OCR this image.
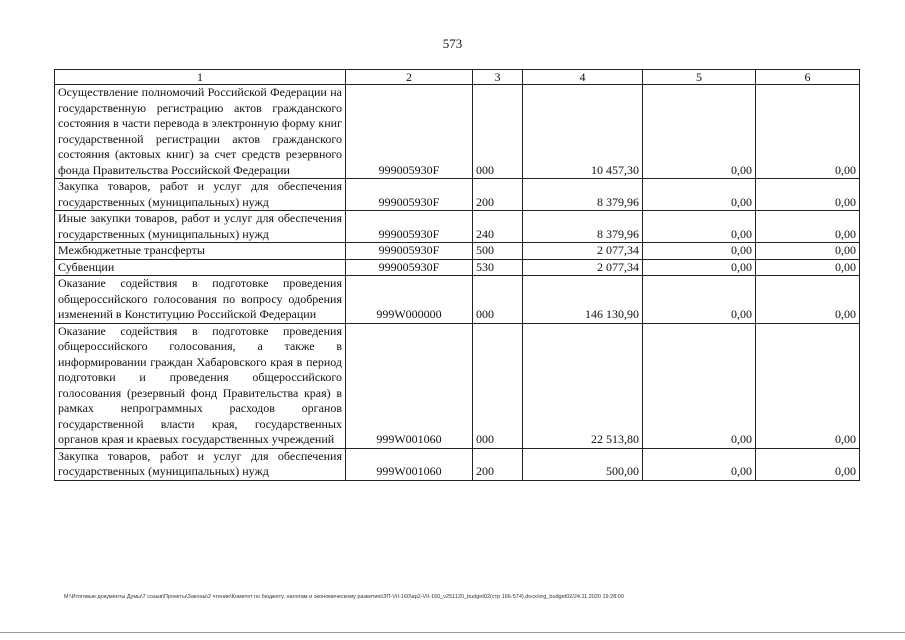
573
1	2	3	4	5	6
Осуществление полномочий Российской Федерации на государственную регистрацию актов гражданского состояния в части перевода в электронную форму книг государственной регистрации актов гражданского состояния (актовых книг) за счет средств резервного фонда Правительства Российской Федерации	999005930F	000	10 457,30	0,00	0,00
Закупка товаров, работ и услуг для обеспечения государственных (муниципальных) нужд	999005930F	200	8 379,96	0,00	0,00
Иные закупки товаров, работ и услуг для обеспечения государственных (муниципальных) нужд	999005930F	240	8 379,96	0,00	0,00
Межбюджетные трансферты	999005930F	500	2 077,34	0,00	0,00
Субвенции	999005930F	530	2 077,34	0,00	0,00
Оказание содействия в подготовке проведения общероссийского голосования по вопросу одобрения изменений в Конституцию Российской Федерации	999W000000	000	146 130,90	0,00	0,00
Оказание содействия в подготовке проведения общероссийского голосования, а также в информировании граждан Хабаровского края в период подготовки и проведения общероссийского голосования (резервный фонд Правительства края) в рамках непрограммных расходов органов государственной власти края, государственных органов края и краевых государственных учреждений	999W001060	000	22 513,80	0,00	0,00
Закупка товаров, работ и услуг для обеспечения государственных (муниципальных) нужд	999W001060	200	500,00	0,00	0,00
M:\Итоговые документы Думы\7 созыв\Проекты\Законы\2 чтение\Комитет по бюджету, налогам и экономическому развитию\ЗП-VII-160\ap2-VII-160_v251120_budget02(стр 166-574).docx/org_budget02/24.11.2020 19:28:00
